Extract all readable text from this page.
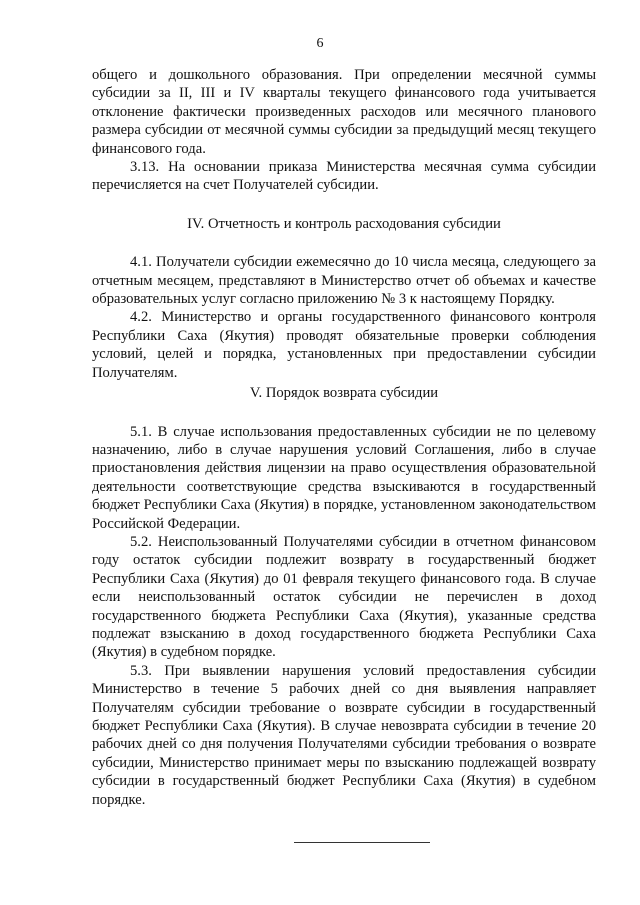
6

общего и дошкольного образования. При определении месячной суммы субсидии за II, III и IV кварталы текущего финансового года учитывается отклонение фактически произведенных расходов или месячного планового размера субсидии от месячной суммы субсидии за предыдущий месяц текущего финансового года.

3.13. На основании приказа Министерства месячная сумма субсидии перечисляется на счет Получателей субсидии.

IV. Отчетность и контроль расходования субсидии

4.1. Получатели субсидии ежемесячно до 10 числа месяца, следующего за отчетным месяцем, представляют в Министерство отчет об объемах и качестве образовательных услуг согласно приложению № 3 к настоящему Порядку.

4.2. Министерство и органы государственного финансового контроля Республики Саха (Якутия) проводят обязательные проверки соблюдения условий, целей и порядка, установленных при предоставлении субсидии Получателям.

V. Порядок возврата субсидии

5.1. В случае использования предоставленных субсидии не по целевому назначению, либо в случае нарушения условий Соглашения, либо в случае приостановления действия лицензии на право осуществления образовательной деятельности соответствующие средства взыскиваются в государственный бюджет Республики Саха (Якутия) в порядке, установленном законодательством Российской Федерации.

5.2. Неиспользованный Получателями субсидии в отчетном финансовом году остаток субсидии подлежит возврату в государственный бюджет Республики Саха (Якутия) до 01 февраля текущего финансового года. В случае если неиспользованный остаток субсидии не перечислен в доход государственного бюджета Республики Саха (Якутия), указанные средства подлежат взысканию в доход государственного бюджета Республики Саха (Якутия) в судебном порядке.

5.3. При выявлении нарушения условий предоставления субсидии Министерство в течение 5 рабочих дней со дня выявления направляет Получателям субсидии требование о возврате субсидии в государственный бюджет Республики Саха (Якутия). В случае невозврата субсидии в течение 20 рабочих дней со дня получения Получателями субсидии требования о возврате субсидии, Министерство принимает меры по взысканию подлежащей возврату субсидии в государственный бюджет Республики Саха (Якутия) в судебном порядке.
